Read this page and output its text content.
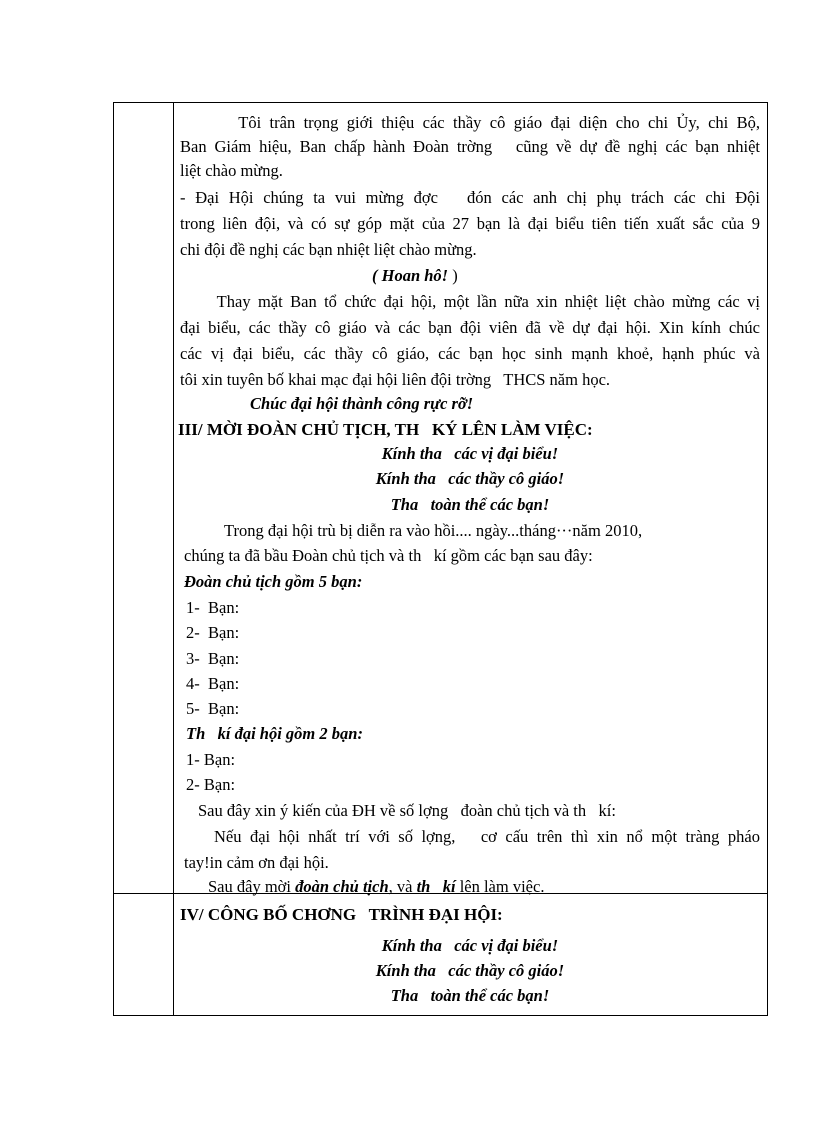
Tôi trân trọng giới thiệu các thầy cô giáo đại diện cho chi Ủy, chi Bộ,
Ban Giám hiệu, Ban chấp hành Đoàn trờng   cũng về dự đề nghị các bạn nhiệt
liệt chào mừng.
- Đại Hội chúng ta vui mừng đợc   đón các anh chị phụ trách các chi Đội
trong liên đội, và có sự góp mặt của 27 bạn là đại biểu tiên tiến xuất sắc của 9
chi đội đề nghị các bạn nhiệt liệt chào mừng.
( Hoan hô! )
Thay mặt Ban tổ chức đại hội, một lần nữa xin nhiệt liệt chào mừng các vị
đại biểu, các thầy cô giáo và các bạn đội viên đã về dự đại hội. Xin kính chúc
các vị đại biểu, các thầy cô giáo, các bạn học sinh mạnh khoẻ, hạnh phúc và
tôi xin tuyên bố khai mạc đại hội liên đội trờng   THCS năm học.
Chúc đại hội thành công rực rỡ!
III/ MỜI ĐOÀN CHỦ TỊCH, TH   KÝ LÊN LÀM VIỆC:
Kính tha   các vị đại biểu!
Kính tha   các thầy cô giáo!
Tha   toàn thể các bạn!
Trong đại hội trù bị diễn ra vào hồi.... ngày...tháng···năm 2010,
chúng ta đã bầu Đoàn chủ tịch và th   kí gồm các bạn sau đây:
Đoàn chủ tịch gồm 5 bạn:
1-  Bạn:
2-  Bạn:
3-  Bạn:
4-  Bạn:
5-  Bạn:
Th   kí đại hội gồm 2 bạn:
1- Bạn:
2- Bạn:
Sau đây xin ý kiến của ĐH về số lợng   đoàn chủ tịch và th   kí:
Nếu đại hội nhất trí với số lợng,   cơ cấu trên thì xin nổ một tràng pháo
tay!in cảm ơn đại hội.
Sau đây mời đoàn chủ tịch, và th   kí lên làm việc.
IV/ CÔNG BỐ CHƠNG   TRÌNH ĐẠI HỘI:
Kính tha   các vị đại biểu!
Kính tha   các thầy cô giáo!
Tha   toàn thể các bạn!
